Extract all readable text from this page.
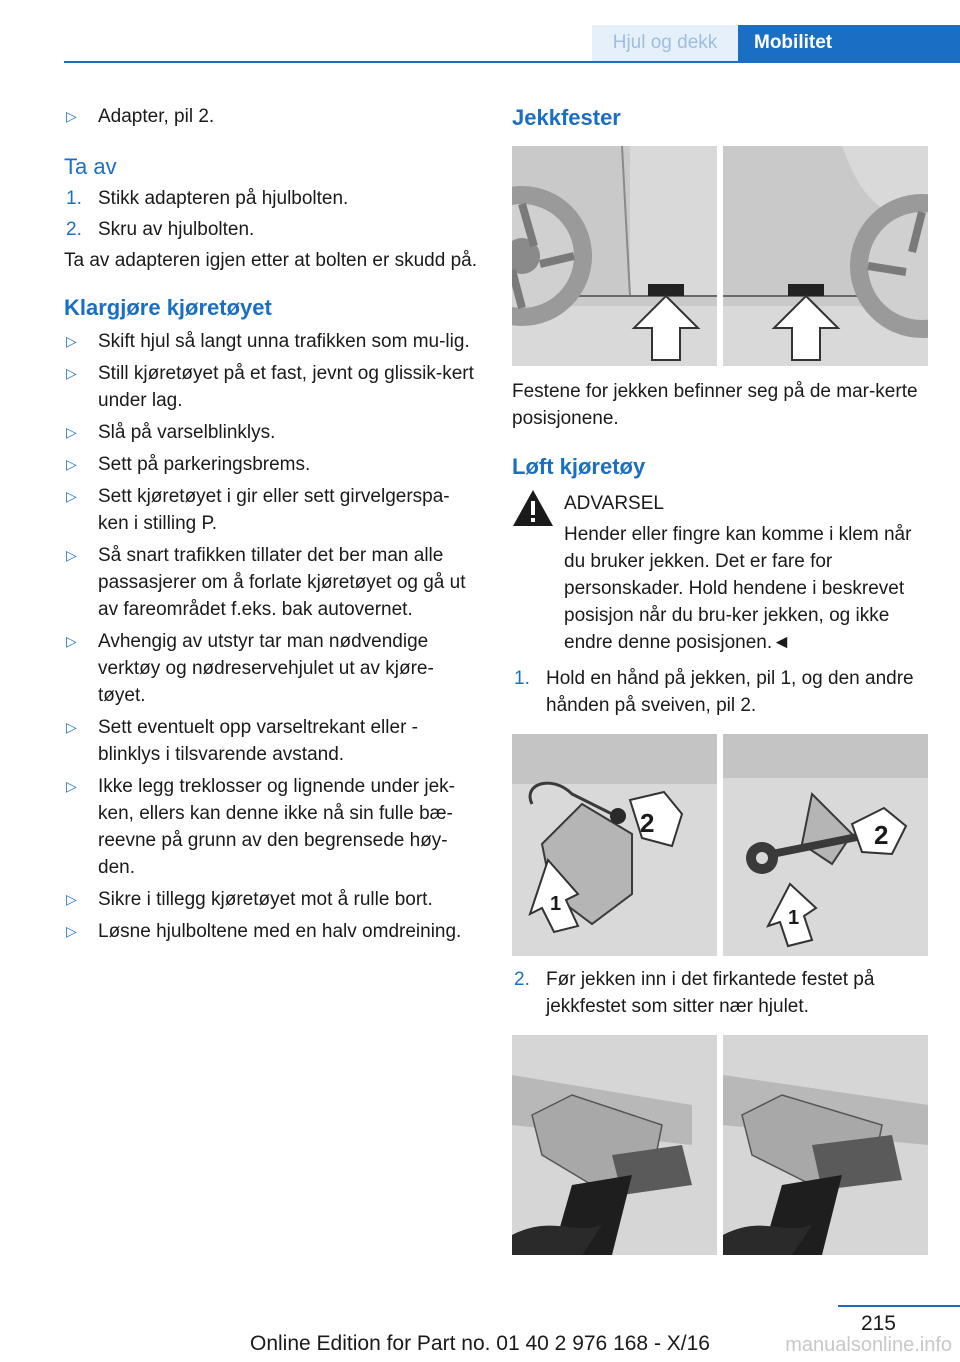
Hjul og dekk Mobilitet
▷	Adapter, pil 2.
Ta av
1. Stikk adapteren på hjulbolten.
2. Skru av hjulbolten.
Ta av adapteren igjen etter at bolten er skudd på.
Klargjøre kjøretøyet
▷	Skift hjul så langt unna trafikken som mu-lig.
▷	Still kjøretøyet på et fast, jevnt og glissik-kert under lag.
▷	Slå på varselblinklys.
▷	Sett på parkeringsbrems.
▷	Sett kjøretøyet i gir eller sett girvelgerspa-ken i stilling P.
▷	Så snart trafikken tillater det ber man alle passasjerer om å forlate kjøretøyet og gå ut av fareområdet f.eks. bak autovernet.
▷	Avhengig av utstyr tar man nødvendige verktøy og nødreservehjulet ut av kjøre-tøyet.
▷	Sett eventuelt opp varseltrekant eller -blinklys i tilsvarende avstand.
▷	Ikke legg treklosser og lignende under jek-ken, ellers kan denne ikke nå sin fulle bæ-reevne på grunn av den begrensede høy-den.
▷	Sikre i tillegg kjøretøyet mot å rulle bort.
▷	Løsne hjulboltene med en halv omdreining.
Jekkfester
Festene for jekken befinner seg på de mar-kerte posisjonene.
Løft kjøretøy
ADVARSEL
Hender eller fingre kan komme i klem når du bruker jekken. Det er fare for personskader. Hold hendene i beskrevet posisjon når du bru-ker jekken, og ikke endre denne posisjonen.◄
1. Hold en hånd på jekken, pil 1, og den andre hånden på sveiven, pil 2.
2
1
2
1
2. Før jekken inn i det firkantede festet på jekkfestet som sitter nær hjulet.
215
Online Edition for Part no. 01 40 2 976 168 - X/16	manualsonline.info
